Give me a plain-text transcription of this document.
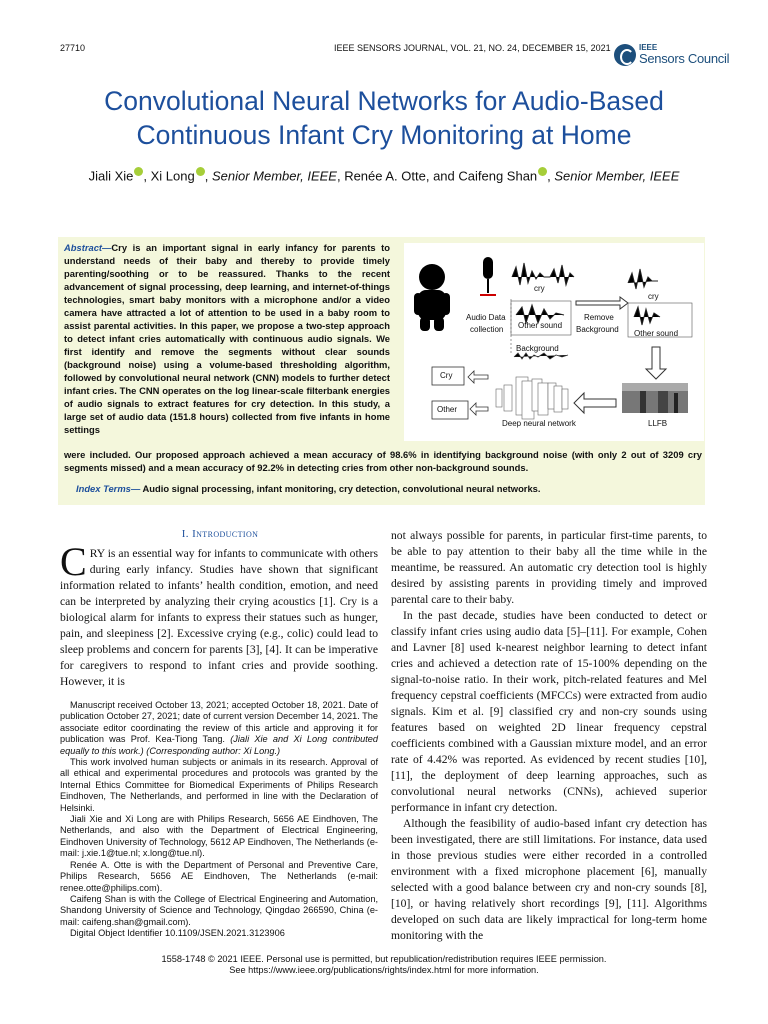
27710	IEEE SENSORS JOURNAL, VOL. 21, NO. 24, DECEMBER 15, 2021	IEEE
Sensors Council
Convolutional Neural Networks for Audio-Based
Continuous Infant Cry Monitoring at Home
Jiali Xie , Xi Long , Senior Member, IEEE, Renée A. Otte, and Caifeng Shan , Senior Member, IEEE
Abstract—Cry is an important signal in early infancy for parents to understand needs of their baby and thereby to provide timely parenting/soothing or to be reassured. Thanks to the recent advancement of signal processing, deep learning, and internet-of-things technologies, smart baby monitors with a microphone and/or a video camera have attracted a lot of attention to be used in a baby room to assist parental activities. In this paper, we propose a two-step approach to detect infant cries automatically with continuous audio signals. We first identify and remove the segments without clear sounds (background noise) using a volume-based thresholding algorithm, followed by convolutional neural network (CNN) models to further detect infant cries. The CNN operates on the log linear-scale filterbank energies of audio signals to extract features for cry detection. In this study, a large set of audio data (151.8 hours) collected from five infants in home settings
cry
Audio Data
collection Other sound
Background
Remove
Background
cry
Other sound
Cry
Other
Deep neural network	LLFB
were included. Our proposed approach achieved a mean accuracy of 98.6% in identifying background noise (with only 2 out of 3209 cry segments missed) and a mean accuracy of 92.2% in detecting cries from other non-background sounds.
Index Terms— Audio signal processing, infant monitoring, cry detection, convolutional neural networks.
I. Introduction

CRY is an essential way for infants to communicate with others during early infancy. Studies have shown that significant information related to infants’ health condition, emotion, and need can be interpreted by analyzing their crying acoustics [1]. Cry is a biological alarm for infants to express their statues such as hunger, pain, and sleepiness [2]. Excessive crying (e.g., colic) could lead to sleep problems and concern for parents [3], [4]. It can be imperative for caregivers to respond to infant cries and provide soothing. However, it is

Manuscript received October 13, 2021; accepted October 18, 2021. Date of publication October 27, 2021; date of current version December 14, 2021. The associate editor coordinating the review of this article and approving it for publication was Prof. Kea-Tiong Tang. (Jiali Xie and Xi Long contributed equally to this work.) (Corresponding author: Xi Long.)

This work involved human subjects or animals in its research. Approval of all ethical and experimental procedures and protocols was granted by the Internal Ethics Committee for Biomedical Experiments of Philips Research Eindhoven, The Netherlands, and performed in line with the Declaration of Helsinki.

Jiali Xie and Xi Long are with Philips Research, 5656 AE Eindhoven, The Netherlands, and also with the Department of Electrical Engineering, Eindhoven University of Technology, 5612 AP Eindhoven, The Netherlands (e-mail: j.xie.1@tue.nl; x.long@tue.nl).

Renée A. Otte is with the Department of Personal and Preventive Care, Philips Research, 5656 AE Eindhoven, The Netherlands (e-mail: renee.otte@philips.com).

Caifeng Shan is with the College of Electrical Engineering and Automation, Shandong University of Science and Technology, Qingdao 266590, China (e-mail: caifeng.shan@gmail.com).

Digital Object Identifier 10.1109/JSEN.2021.3123906

not always possible for parents, in particular first-time parents, to be able to pay attention to their baby all the time while in the meantime, be reassured. An automatic cry detection tool is highly desired by assisting parents in providing timely and improved parental care to their baby.

In the past decade, studies have been conducted to detect or classify infant cries using audio data [5]–[11]. For example, Cohen and Lavner [8] used k-nearest neighbor learning to detect infant cries and achieved a detection rate of 15-100% depending on the signal-to-noise ratio. In their work, pitch-related features and Mel frequency cepstral coefficients (MFCCs) were extracted from audio signals. Kim et al. [9] classified cry and non-cry sounds using features based on weighted 2D linear frequency cepstral coefficients combined with a Gaussian mixture model, and an error rate of 4.42% was reported. As evidenced by recent studies [10], [11], the deployment of deep learning approaches, such as convolutional neural networks (CNNs), achieved superior performance in infant cry detection.

Although the feasibility of audio-based infant cry detection has been investigated, there are still limitations. For instance, data used in those previous studies were either recorded in a controlled environment with a fixed microphone placement [6], manually selected with a good balance between cry and non-cry sounds [8], [10], or having relatively short recordings [9], [11]. Algorithms developed on such data are likely impractical for long-term home monitoring with the

1558-1748 © 2021 IEEE. Personal use is permitted, but republication/redistribution requires IEEE permission.
See https://www.ieee.org/publications/rights/index.html for more information.
